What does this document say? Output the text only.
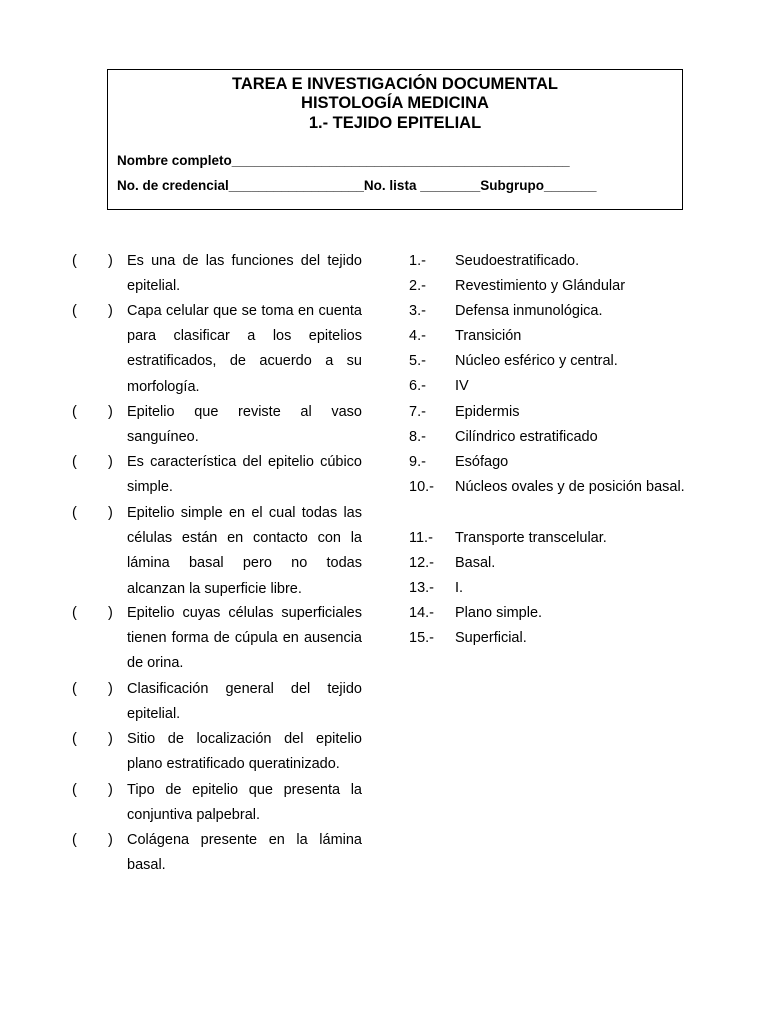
TAREA E INVESTIGACIÓN DOCUMENTAL
HISTOLOGÍA MEDICINA
1.- TEJIDO EPITELIAL
Nombre completo_____________________________________________
No. de credencial__________________No. lista ________Subgrupo_______
( ) Es una de las funciones del tejido epitelial.
( ) Capa celular que se toma en cuenta para clasificar a los epitelios estratificados, de acuerdo a su morfología.
( ) Epitelio que reviste al vaso sanguíneo.
( ) Es característica del epitelio cúbico simple.
( ) Epitelio simple en el cual todas las células están en contacto con la lámina basal pero no todas alcanzan la superficie libre.
( ) Epitelio cuyas células superficiales tienen forma de cúpula en ausencia de orina.
( ) Clasificación general del tejido epitelial.
( ) Sitio de localización del epitelio plano estratificado queratinizado.
( ) Tipo de epitelio que presenta la conjuntiva palpebral.
( ) Colágena presente en la lámina basal.
1.- Seudoestratificado.
2.- Revestimiento y Glándular
3.- Defensa inmunológica.
4.- Transición
5.- Núcleo esférico y central.
6.- IV
7.- Epidermis
8.- Cilíndrico estratificado
9.- Esófago
10.- Núcleos ovales y de posición basal.
11.- Transporte transcelular.
12.- Basal.
13.- I.
14.- Plano simple.
15.- Superficial.
